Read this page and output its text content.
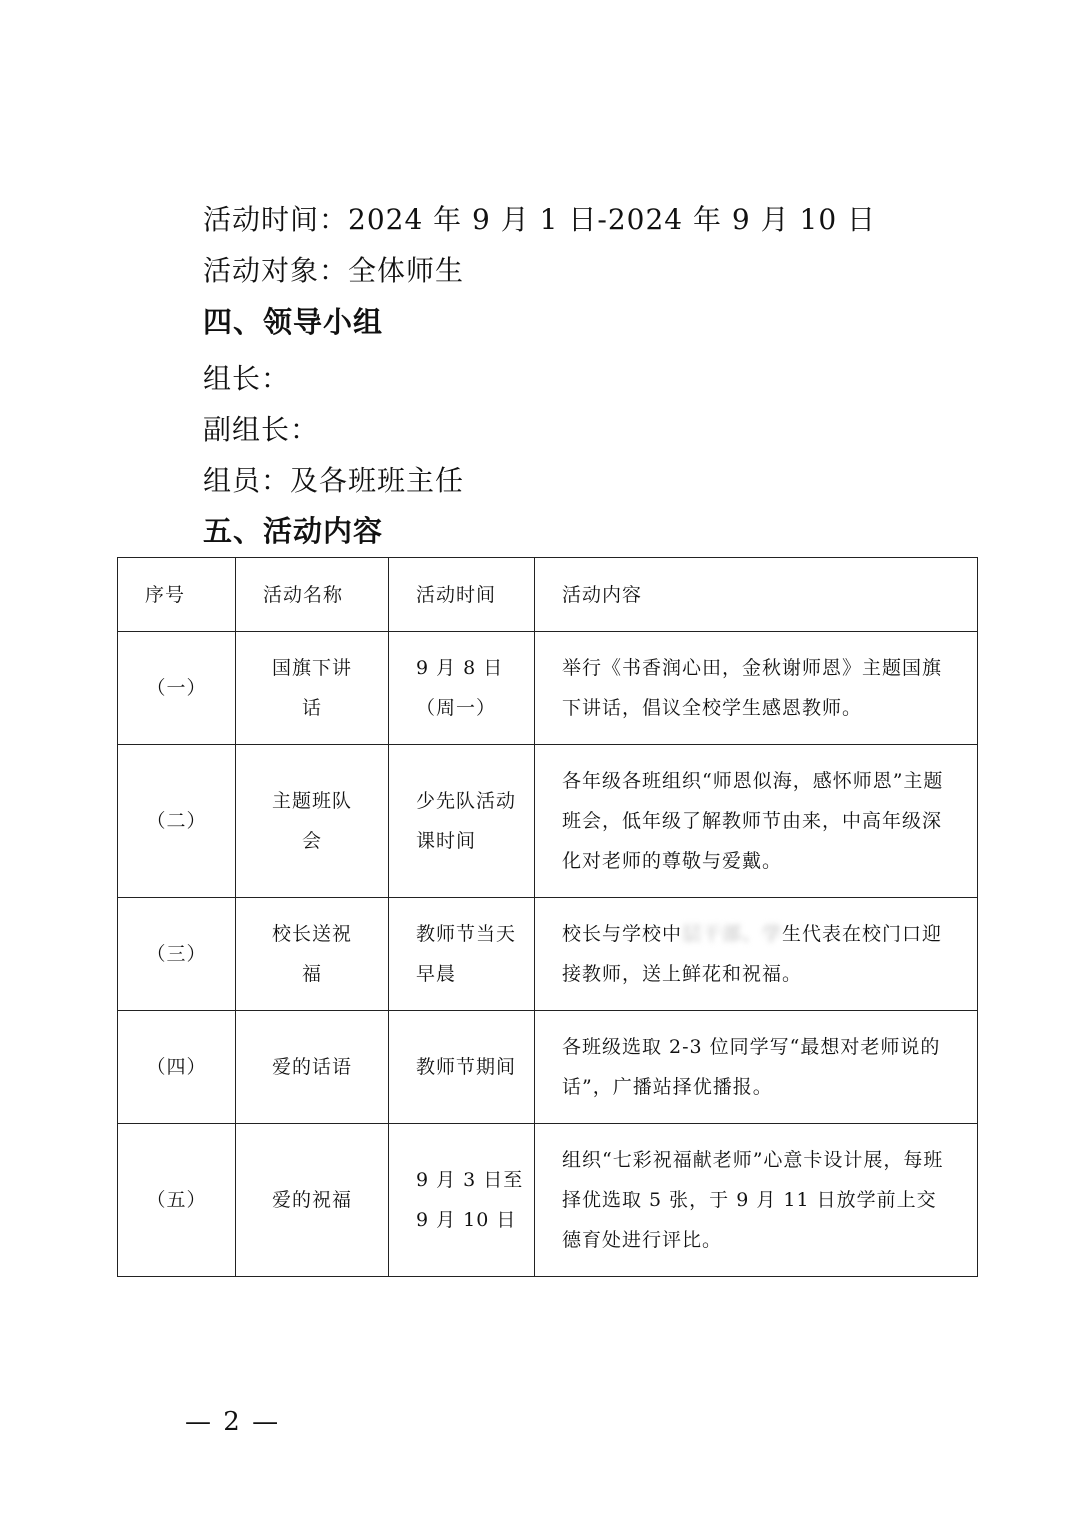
活动时间：2024 年 9 月 1 日-2024 年 9 月 10 日
活动对象：全体师生
四、领导小组
组长：
副组长：
组员：及各班班主任
五、活动内容
序号	活动名称	活动时间	活动内容
（一）	国旗下讲话	9 月 8 日（周一）	举行《书香润心田，金秋谢师恩》主题国旗下讲话，倡议全校学生感恩教师。
（二）	主题班队会	少先队活动课时间	各年级各班组织“师恩似海，感怀师恩”主题班会，低年级了解教师节由来，中高年级深化对老师的尊敬与爱戴。
（三）	校长送祝福	教师节当天早晨	校长与学校中层干部、学生代表在校门口迎接教师，送上鲜花和祝福。
（四）	爱的话语	教师节期间	各班级选取 2-3 位同学写“最想对老师说的话”，广播站择优播报。
（五）	爱的祝福	9 月 3 日至 9 月 10 日	组织“七彩祝福献老师”心意卡设计展，每班择优选取 5 张，于 9 月 11 日放学前上交德育处进行评比。
— 2 —
